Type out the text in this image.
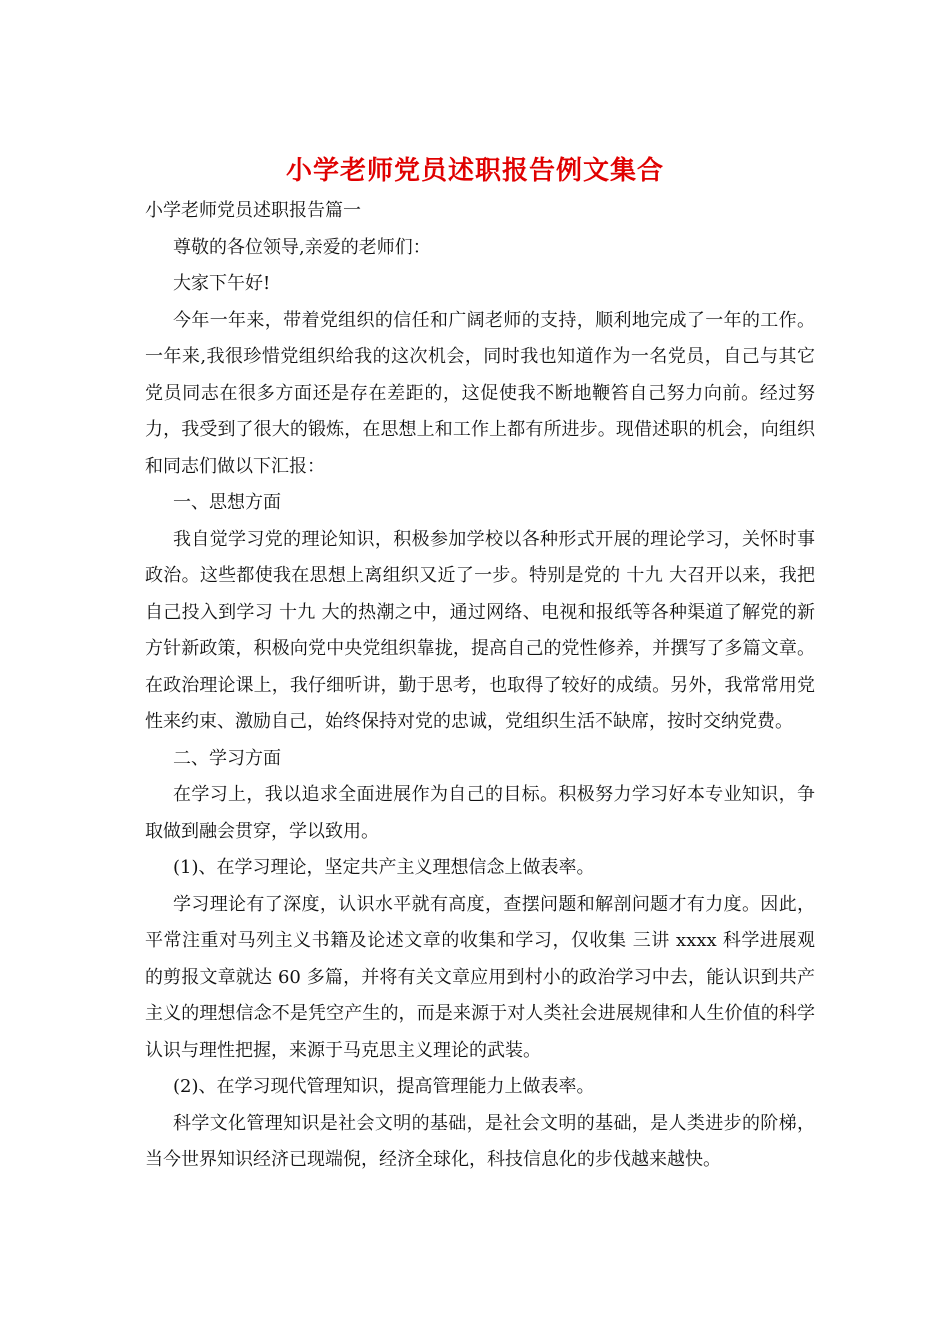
小学老师党员述职报告例文集合

小学老师党员述职报告篇一

尊敬的各位领导,亲爱的老师们：

大家下午好!

今年一年来，带着党组织的信任和广阔老师的支持，顺利地完成了一年的工作。一年来,我很珍惜党组织给我的这次机会，同时我也知道作为一名党员，自己与其它党员同志在很多方面还是存在差距的，这促使我不断地鞭笞自己努力向前。经过努力，我受到了很大的锻炼，在思想上和工作上都有所进步。现借述职的机会，向组织和同志们做以下汇报：

一、思想方面

我自觉学习党的理论知识，积极参加学校以各种形式开展的理论学习，关怀时事政治。这些都使我在思想上离组织又近了一步。特别是党的 十九 大召开以来，我把自己投入到学习 十九 大的热潮之中，通过网络、电视和报纸等各种渠道了解党的新方针新政策，积极向党中央党组织靠拢，提高自己的党性修养，并撰写了多篇文章。在政治理论课上，我仔细听讲，勤于思考，也取得了较好的成绩。另外，我常常用党性来约束、激励自己，始终保持对党的忠诚，党组织生活不缺席，按时交纳党费。

二、学习方面

在学习上，我以追求全面进展作为自己的目标。积极努力学习好本专业知识，争取做到融会贯穿，学以致用。

(1)、在学习理论，坚定共产主义理想信念上做表率。

学习理论有了深度，认识水平就有高度，查摆问题和解剖问题才有力度。因此，平常注重对马列主义书籍及论述文章的收集和学习，仅收集 三讲 xxxx 科学进展观 的剪报文章就达 60 多篇，并将有关文章应用到村小的政治学习中去，能认识到共产主义的理想信念不是凭空产生的，而是来源于对人类社会进展规律和人生价值的科学认识与理性把握，来源于马克思主义理论的武装。

(2)、在学习现代管理知识，提高管理能力上做表率。

科学文化管理知识是社会文明的基础，是社会文明的基础，是人类进步的阶梯，当今世界知识经济已现端倪，经济全球化，科技信息化的步伐越来越快。
